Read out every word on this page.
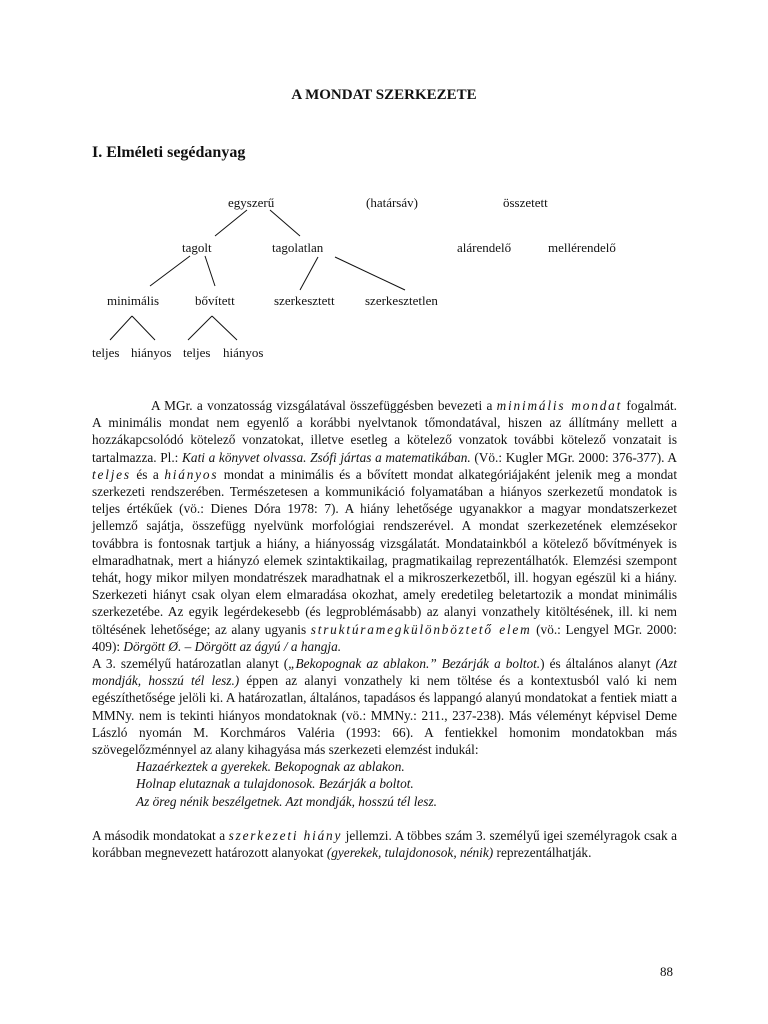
A MONDAT SZERKEZETE
I. Elméleti segédanyag
egyszerű	(határsáv)	összetett
tagolt	tagolatlan	alárendelő	mellérendelő
minimális	bővített	szerkesztett szerkesztetlen
teljes hiányos teljes hiányos

A MGr. a vonzatosság vizsgálatával összefüggésben bevezeti a minimális mondat fogalmát. A minimális mondat nem egyenlő a korábbi nyelvtanok tőmondatával, hiszen az állítmány mellett a hozzákapcsolódó kötelező vonzatokat, illetve esetleg a kötelező vonzatok további kötelező vonzatait is tartalmazza. Pl.: Kati a könyvet olvassa. Zsófi jártas a matematikában. (Vö.: Kugler MGr. 2000: 376-377). A teljes és a hiányos mondat a minimális és a bővített mondat alkategóriájaként jelenik meg a mondat szerkezeti rendszerében. Természetesen a kommunikáció folyamatában a hiányos szerkezetű mondatok is teljes értékűek (vö.: Dienes Dóra 1978: 7). A hiány lehetősége ugyanakkor a magyar mondatszerkezet jellemző sajátja, összefügg nyelvünk morfológiai rendszerével. A mondat szerkezetének elemzésekor továbbra is fontosnak tartjuk a hiány, a hiányosság vizsgálatát. Mondatainkból a kötelező bővítmények is elmaradhatnak, mert a hiányzó elemek szintaktikailag, pragmatikailag reprezentálhatók. Elemzési szempont tehát, hogy mikor milyen mondatrészek maradhatnak el a mikroszerkezetből, ill. hogyan egészül ki a hiány. Szerkezeti hiányt csak olyan elem elmaradása okozhat, amely eredetileg beletartozik a mondat minimális szerkezetébe. Az egyik legérdekesebb (és legproblémásabb) az alanyi vonzathely kitöltésének, ill. ki nem töltésének lehetősége; az alany ugyanis struktúramegkülönböztető elem (vö.: Lengyel MGr. 2000: 409): Dörgött Ø. – Dörgött az ágyú / a hangja.

A 3. személyű határozatlan alanyt („Bekopognak az ablakon.” Bezárják a boltot.) és általános alanyt (Azt mondják, hosszú tél lesz.) éppen az alanyi vonzathely ki nem töltése és a kontextusból való ki nem egészíthetősége jelöli ki. A határozatlan, általános, tapadásos és lappangó alanyú mondatokat a fentiek miatt a MMNy. nem is tekinti hiányos mondatoknak (vö.: MMNy.: 211., 237-238). Más véleményt képvisel Deme László nyomán M. Korchmáros Valéria (1993: 66). A fentiekkel homonim mondatokban más szövegelőzménnyel az alany kihagyása más szerkezeti elemzést indukál:

Hazaérkeztek a gyerekek. Bekopognak az ablakon.

Holnap elutaznak a tulajdonosok. Bezárják a boltot.

Az öreg nénik beszélgetnek. Azt mondják, hosszú tél lesz.

A második mondatokat a szerkezeti hiány jellemzi. A többes szám 3. személyű igei személyragok csak a korábban megnevezett határozott alanyokat (gyerekek, tulajdonosok, nénik) reprezentálhatják.

88
